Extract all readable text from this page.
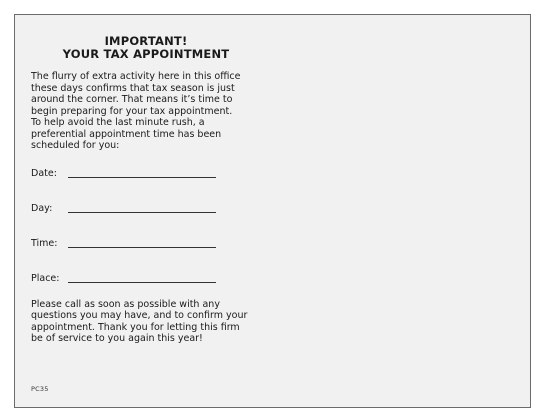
IMPORTANT!
YOUR TAX APPOINTMENT
The flurry of extra activity here in this office
these days confirms that tax season is just
around the corner. That means it’s time to
begin preparing for your tax appointment.
To help avoid the last minute rush, a
preferential appointment time has been
scheduled for you:
Date:
Day:
Time:
Place:
Please call as soon as possible with any
questions you may have, and to confirm your
appointment. Thank you for letting this firm
be of service to you again this year!
PC35
